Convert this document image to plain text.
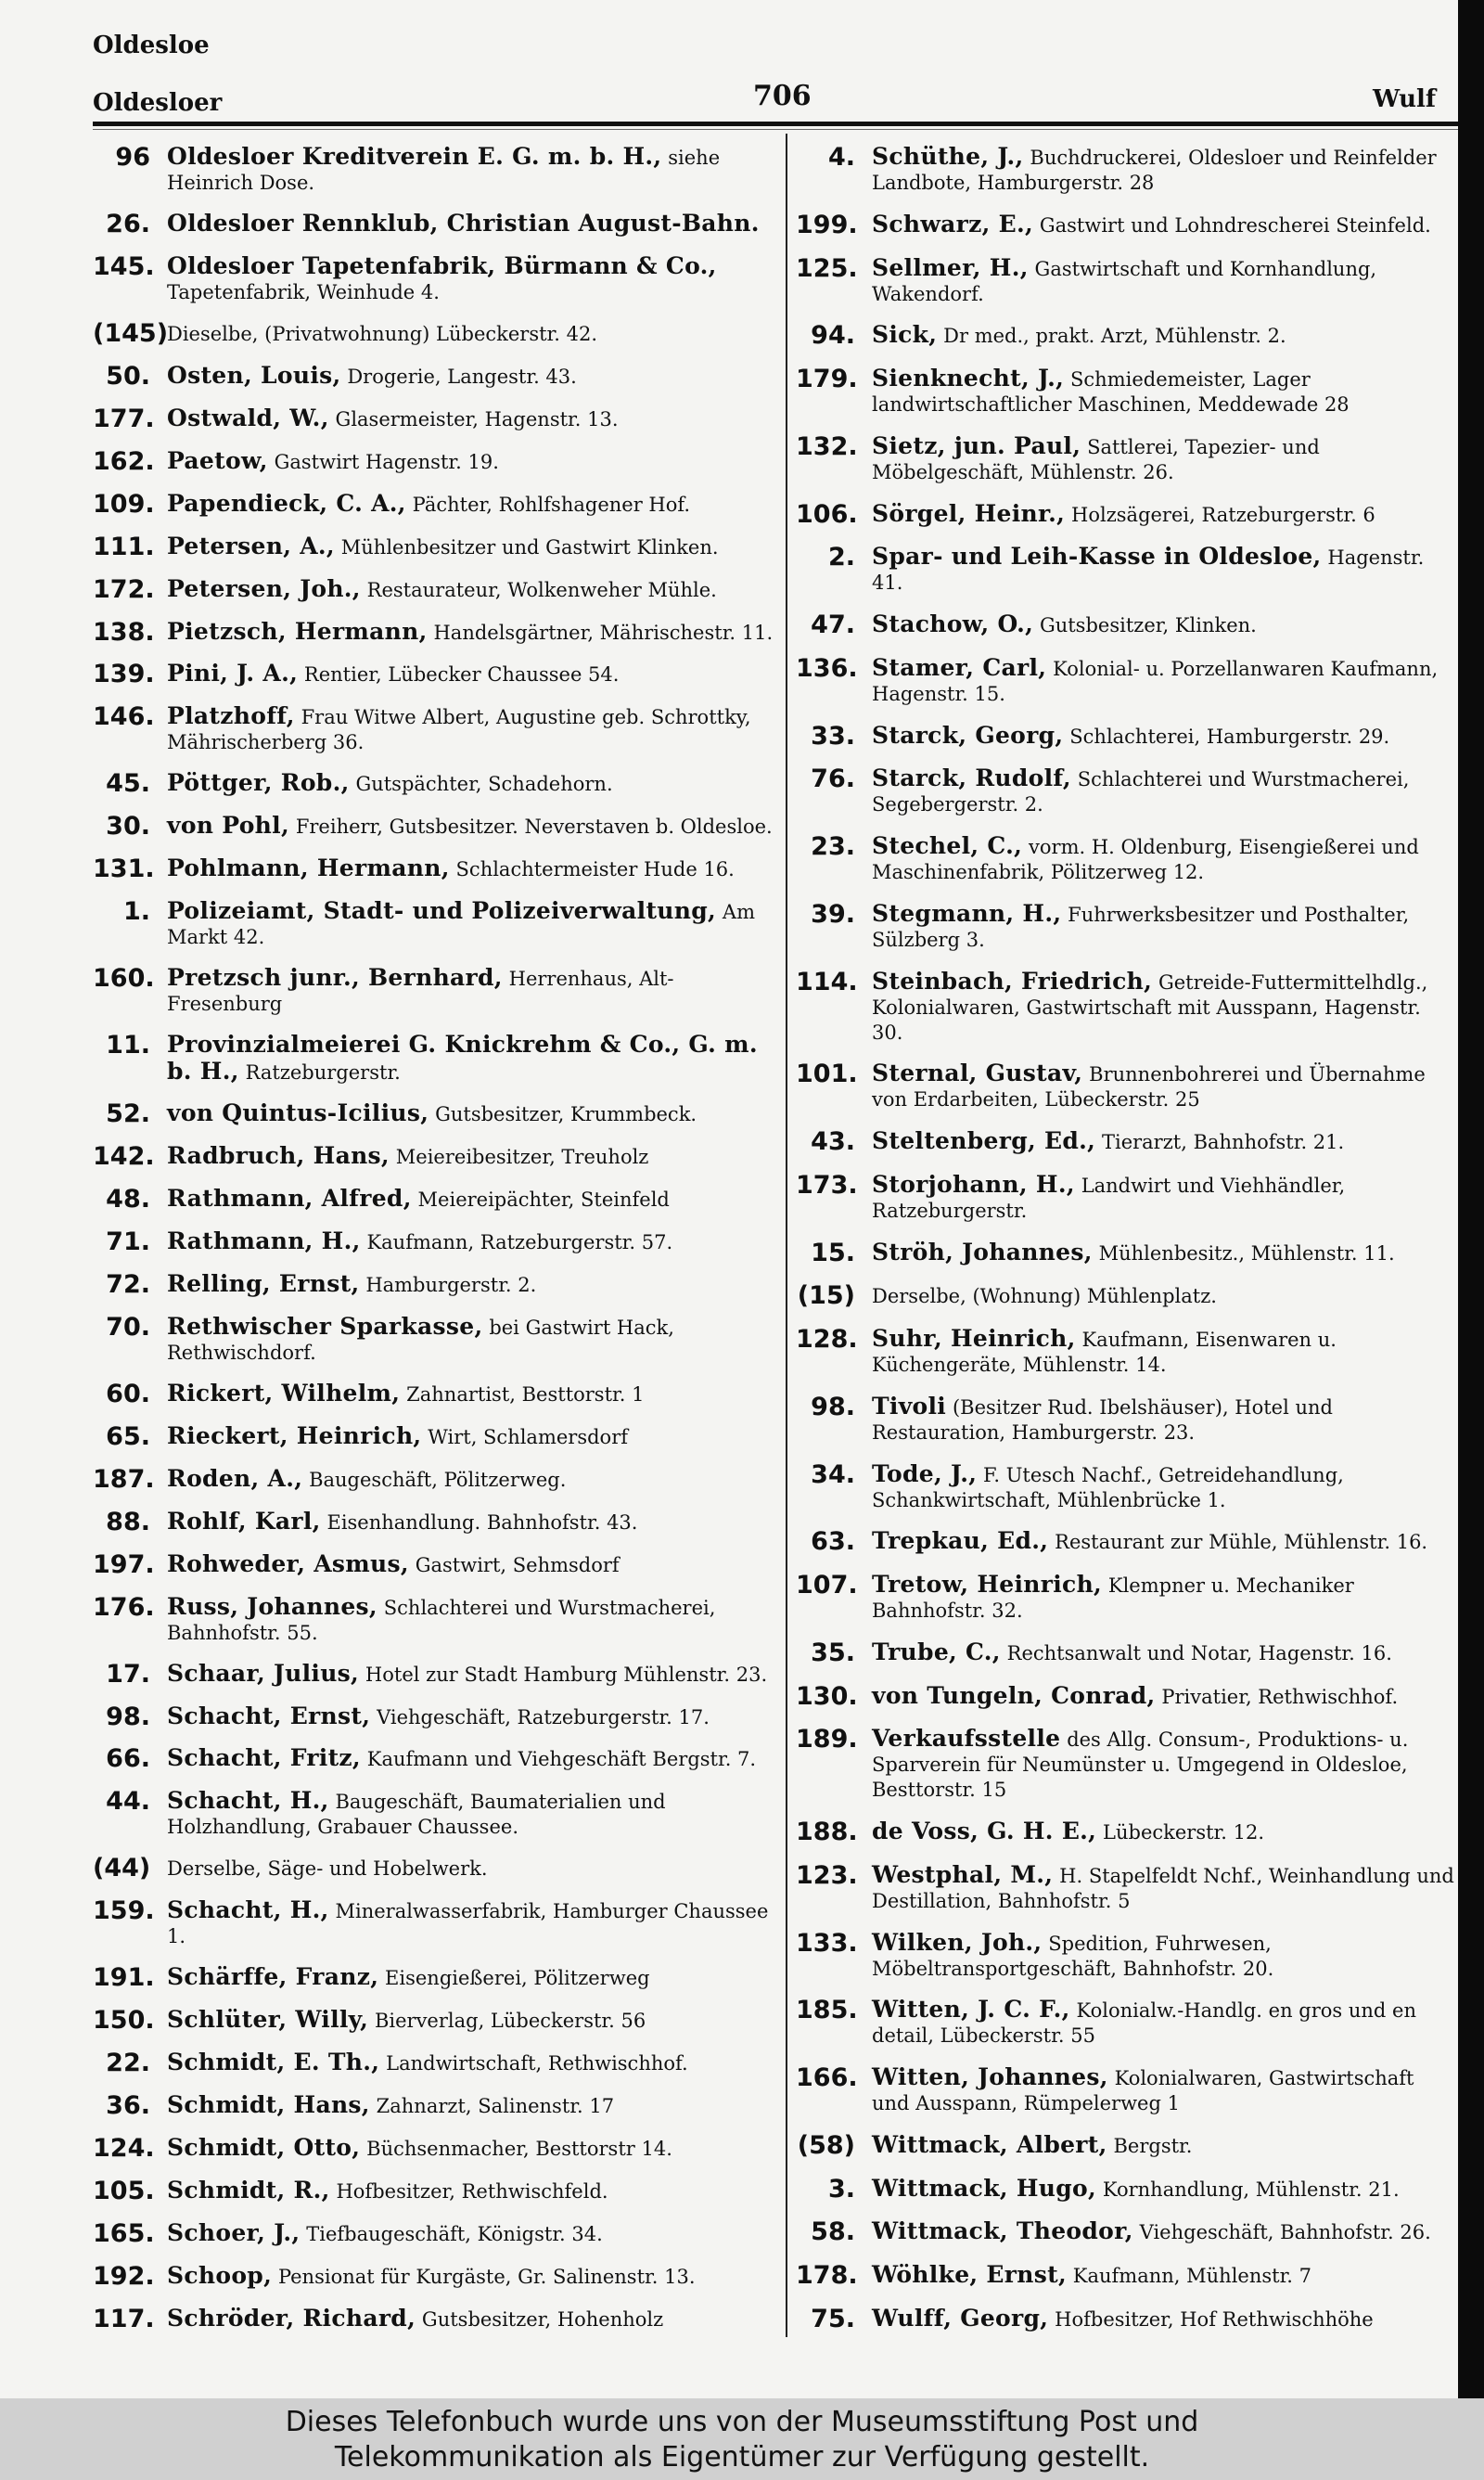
Oldesloe
Oldesloer	706	Wulf
96 Oldesloer Kreditverein E. G. m. b. H., siehe Heinrich Dose.
26. Oldesloer Rennklub, Christian August-Bahn.
145. Oldesloer Tapetenfabrik, Bürmann & Co., Tapetenfabrik, Weinhude 4.
(145)
Dieselbe, (Privatwohnung) Lübeckerstr. 42.
50. Osten, Louis, Drogerie, Langestr. 43.
177. Ostwald, W., Glasermeister, Hagenstr. 13.
162. Paetow, Gastwirt Hagenstr. 19.
109. Papendieck, C. A., Pächter, Rohlfshagener Hof.
111. Petersen, A., Mühlenbesitzer und Gastwirt Klinken.
172. Petersen, Joh., Restaurateur, Wolkenweher Mühle.
138. Pietzsch, Hermann, Handelsgärtner, Mährischestr. 11.
139. Pini, J. A., Rentier, Lübecker Chaussee 54.
146. Platzhoff, Frau Witwe Albert, Augustine geb. Schrottky, Mährischerberg 36.
45. Pöttger, Rob., Gutspächter, Schadehorn.
30. von Pohl, Freiherr, Gutsbesitzer. Neverstaven b. Oldesloe.
131. Pohlmann, Hermann, Schlachtermeister Hude 16.
1. Polizeiamt, Stadt- und Polizeiverwaltung, Am Markt 42.
160. Pretzsch junr., Bernhard, Herrenhaus, Alt-Fresenburg
11. Provinzialmeierei G. Knickrehm & Co., G. m. b. H., Ratzeburgerstr.
52. von Quintus-Icilius, Gutsbesitzer, Krummbeck.
142. Radbruch, Hans, Meiereibesitzer, Treuholz
48. Rathmann, Alfred, Meiereipächter, Steinfeld
71. Rathmann, H., Kaufmann, Ratzeburgerstr. 57.
72. Relling, Ernst, Hamburgerstr. 2.
70. Rethwischer Sparkasse, bei Gastwirt Hack, Rethwischdorf.
60. Rickert, Wilhelm, Zahnartist, Besttorstr. 1
65. Rieckert, Heinrich, Wirt, Schlamersdorf
187. Roden, A., Baugeschäft, Pölitzerweg.
88. Rohlf, Karl, Eisenhandlung. Bahnhofstr. 43.
197. Rohweder, Asmus, Gastwirt, Sehmsdorf
176. Russ, Johannes, Schlachterei und Wurstmacherei, Bahnhofstr. 55.
17. Schaar, Julius, Hotel zur Stadt Hamburg Mühlenstr. 23.
98. Schacht, Ernst, Viehgeschäft, Ratzeburgerstr. 17.
66. Schacht, Fritz, Kaufmann und Viehgeschäft Bergstr. 7.
44. Schacht, H., Baugeschäft, Baumaterialien und Holzhandlung, Grabauer Chaussee.
(44) Derselbe, Säge- und Hobelwerk.
159. Schacht, H., Mineralwasserfabrik, Hamburger Chaussee 1.
191. Schärffe, Franz, Eisengießerei, Pölitzerweg
150. Schlüter, Willy, Bierverlag, Lübeckerstr. 56
22. Schmidt, E. Th., Landwirtschaft, Rethwischhof.
36. Schmidt, Hans, Zahnarzt, Salinenstr. 17
124. Schmidt, Otto, Büchsenmacher, Besttorstr 14.
105. Schmidt, R., Hofbesitzer, Rethwischfeld.
165. Schoer, J., Tiefbaugeschäft, Königstr. 34.
192. Schoop, Pensionat für Kurgäste, Gr. Salinenstr. 13.
117. Schröder, Richard, Gutsbesitzer, Hohenholz
4. Schüthe, J., Buchdruckerei, Oldesloer und Reinfelder Landbote, Hamburgerstr. 28
199. Schwarz, E., Gastwirt und Lohndrescherei Steinfeld.
125. Sellmer, H., Gastwirtschaft und Kornhandlung, Wakendorf.
94. Sick, Dr med., prakt. Arzt, Mühlenstr. 2.
179. Sienknecht, J., Schmiedemeister, Lager landwirtschaftlicher Maschinen, Meddewade 28
132. Sietz, jun. Paul, Sattlerei, Tapezier- und Möbelgeschäft, Mühlenstr. 26.
106. Sörgel, Heinr., Holzsägerei, Ratzeburgerstr. 6
2. Spar- und Leih-Kasse in Oldesloe, Hagenstr. 41.
47. Stachow, O., Gutsbesitzer, Klinken.
136. Stamer, Carl, Kolonial- u. Porzellanwaren Kaufmann, Hagenstr. 15.
33. Starck, Georg, Schlachterei, Hamburgerstr. 29.
76. Starck, Rudolf, Schlachterei und Wurstmacherei, Segebergerstr. 2.
23. Stechel, C., vorm. H. Oldenburg, Eisengießerei und Maschinenfabrik, Pölitzerweg 12.
39. Stegmann, H., Fuhrwerksbesitzer und Posthalter, Sülzberg 3.
114. Steinbach, Friedrich, Getreide-Futtermittelhdlg., Kolonialwaren, Gastwirtschaft mit Ausspann, Hagenstr. 30.
101. Sternal, Gustav, Brunnenbohrerei und Übernahme von Erdarbeiten, Lübeckerstr. 25
43. Steltenberg, Ed., Tierarzt, Bahnhofstr. 21.
173. Storjohann, H., Landwirt und Viehhändler, Ratzeburgerstr.
15. Ströh, Johannes, Mühlenbesitz., Mühlenstr. 11.
(15) Derselbe, (Wohnung) Mühlenplatz.
128. Suhr, Heinrich, Kaufmann, Eisenwaren u. Küchengeräte, Mühlenstr. 14.
98. Tivoli (Besitzer Rud. Ibelshäuser), Hotel und Restauration, Hamburgerstr. 23.
34. Tode, J., F. Utesch Nachf., Getreidehandlung, Schankwirtschaft, Mühlenbrücke 1.
63. Trepkau, Ed., Restaurant zur Mühle, Mühlenstr. 16.
107. Tretow, Heinrich, Klempner u. Mechaniker Bahnhofstr. 32.
35. Trube, C., Rechtsanwalt und Notar, Hagenstr. 16.
130. von Tungeln, Conrad, Privatier, Rethwischhof.
189. Verkaufsstelle des Allg. Consum-, Produktions- u. Sparverein für Neumünster u. Umgegend in Oldesloe, Besttorstr. 15
188. de Voss, G. H. E., Lübeckerstr. 12.
123. Westphal, M., H. Stapelfeldt Nchf., Weinhandlung und Destillation, Bahnhofstr. 5
133. Wilken, Joh., Spedition, Fuhrwesen, Möbeltransportgeschäft, Bahnhofstr. 20.
185. Witten, J. C. F., Kolonialw.-Handlg. en gros und en detail, Lübeckerstr. 55
166. Witten, Johannes, Kolonialwaren, Gastwirtschaft und Ausspann, Rümpelerweg 1
(58) Wittmack, Albert, Bergstr.
3. Wittmack, Hugo, Kornhandlung, Mühlenstr. 21.
58. Wittmack, Theodor, Viehgeschäft, Bahnhofstr. 26.
178. Wöhlke, Ernst, Kaufmann, Mühlenstr. 7
75. Wulff, Georg, Hofbesitzer, Hof Rethwischhöhe
Dieses Telefonbuch wurde uns von der Museumsstiftung Post und
Telekommunikation als Eigentümer zur Verfügung gestellt.
